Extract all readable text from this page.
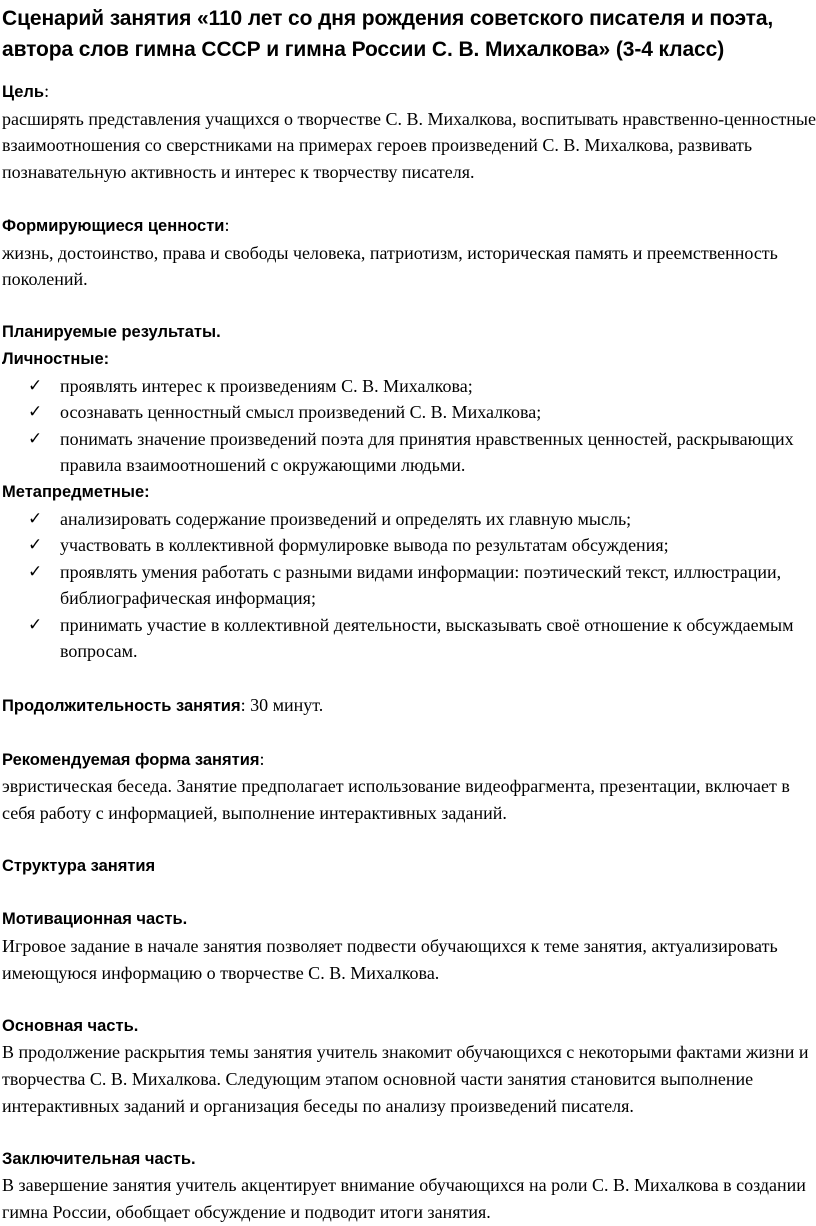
Сценарий занятия «110 лет со дня рождения советского писателя и поэта, автора слов гимна СССР и гимна России С. В. Михалкова» (3-4 класс)

Цель:

расширять представления учащихся о творчестве С. В. Михалкова, воспитывать нравственно-ценностные взаимоотношения со сверстниками на примерах героев произведений С. В. Михалкова, развивать познавательную активность и интерес к творчеству писателя.

Формирующиеся ценности:

жизнь, достоинство, права и свободы человека, патриотизм, историческая память и преемственность поколений.

Планируемые результаты.

Личностные:

✓ проявлять интерес к произведениям С. В. Михалкова;
✓ осознавать ценностный смысл произведений С. В. Михалкова;
✓ понимать значение произведений поэта для принятия нравственных ценностей, раскрывающих правила взаимоотношений с окружающими людьми.

Метапредметные:

✓ анализировать содержание произведений и определять их главную мысль;
✓ участвовать в коллективной формулировке вывода по результатам обсуждения;
✓ проявлять умения работать с разными видами информации: поэтический текст, иллюстрации, библиографическая информация;
✓ принимать участие в коллективной деятельности, высказывать своё отношение к обсуждаемым вопросам.

Продолжительность занятия: 30 минут.

Рекомендуемая форма занятия:

эвристическая беседа. Занятие предполагает использование видеофрагмента, презентации, включает в себя работу с информацией, выполнение интерактивных заданий.

Структура занятия

Мотивационная часть.

Игровое задание в начале занятия позволяет подвести обучающихся к теме занятия, актуализировать имеющуюся информацию о творчестве С. В. Михалкова.

Основная часть.

В продолжение раскрытия темы занятия учитель знакомит обучающихся с некоторыми фактами жизни и творчества С. В. Михалкова. Следующим этапом основной части занятия становится выполнение интерактивных заданий и организация беседы по анализу произведений писателя.

Заключительная часть.

В завершение занятия учитель акцентирует внимание обучающихся на роли С. В. Михалкова в создании гимна России, обобщает обсуждение и подводит итоги занятия.
